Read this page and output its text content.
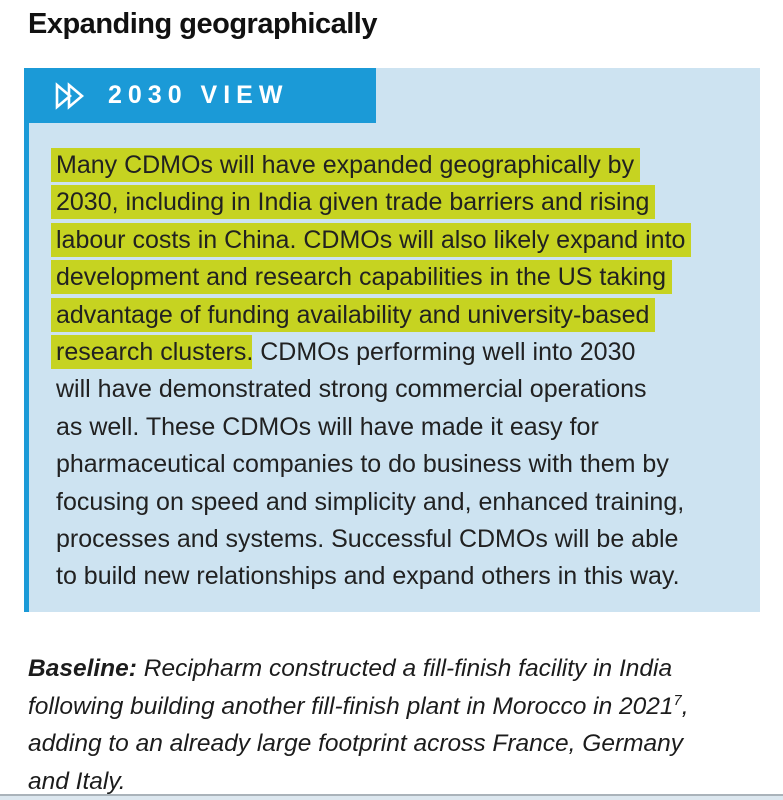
Expanding geographically
2030 VIEW
Many CDMOs will have expanded geographically by
2030, including in India given trade barriers and rising
labour costs in China. CDMOs will also likely expand into
development and research capabilities in the US taking
advantage of funding availability and university-based
research clusters. CDMOs performing well into 2030
will have demonstrated strong commercial operations
as well. These CDMOs will have made it easy for
pharmaceutical companies to do business with them by
focusing on speed and simplicity and, enhanced training,
processes and systems. Successful CDMOs will be able
to build new relationships and expand others in this way.

Baseline: Recipharm constructed a fill-finish facility in India
following building another fill-finish plant in Morocco in 2021$^7$,
adding to an already large footprint across France, Germany
and Italy.
